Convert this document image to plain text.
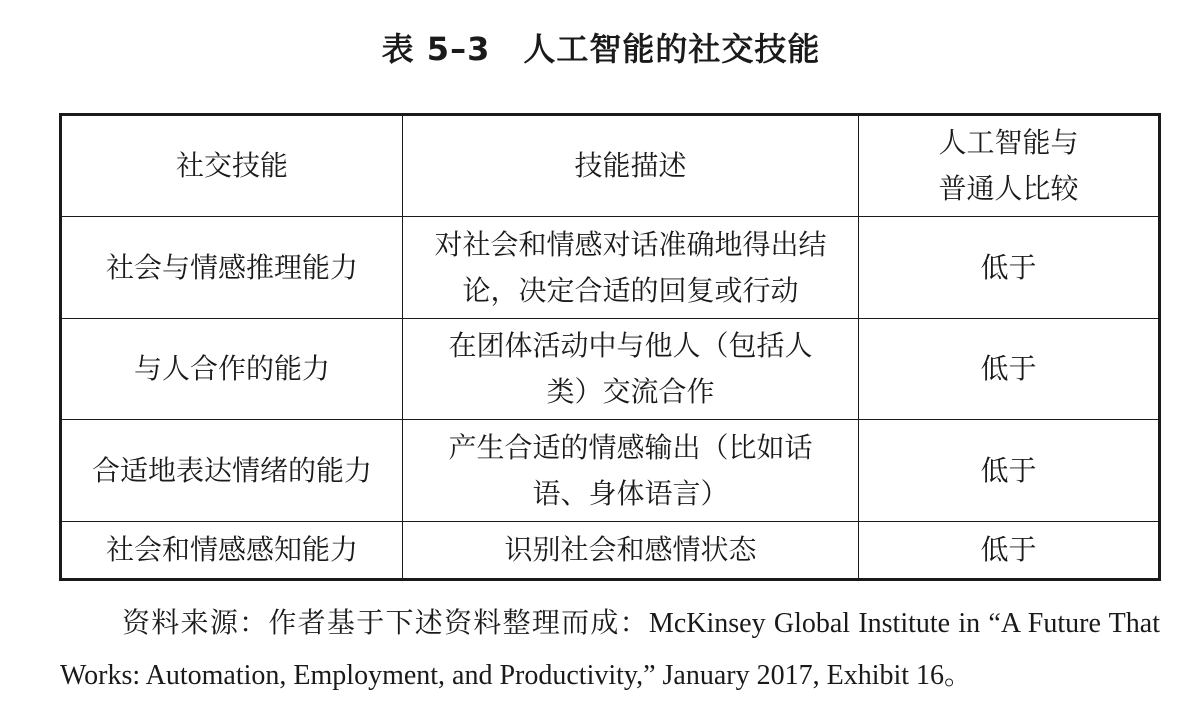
表 5–3　人工智能的社交技能
社交技能	技能描述	人工智能与
普通人比较

社会与情感推理能力	对社会和情感对话准确地得出结
论，决定合适的回复或行动	低于
与人合作的能力	在团体活动中与他人（包括人
类）交流合作	低于
合适地表达情绪的能力	产生合适的情感输出（比如话
语、身体语言）	低于
社会和情感感知能力	识别社会和感情状态	低于
资料来源：作者基于下述资料整理而成：McKinsey Global Institute in “A Future That Works: Automation, Employment, and Productivity,” January 2017, Exhibit 16。
